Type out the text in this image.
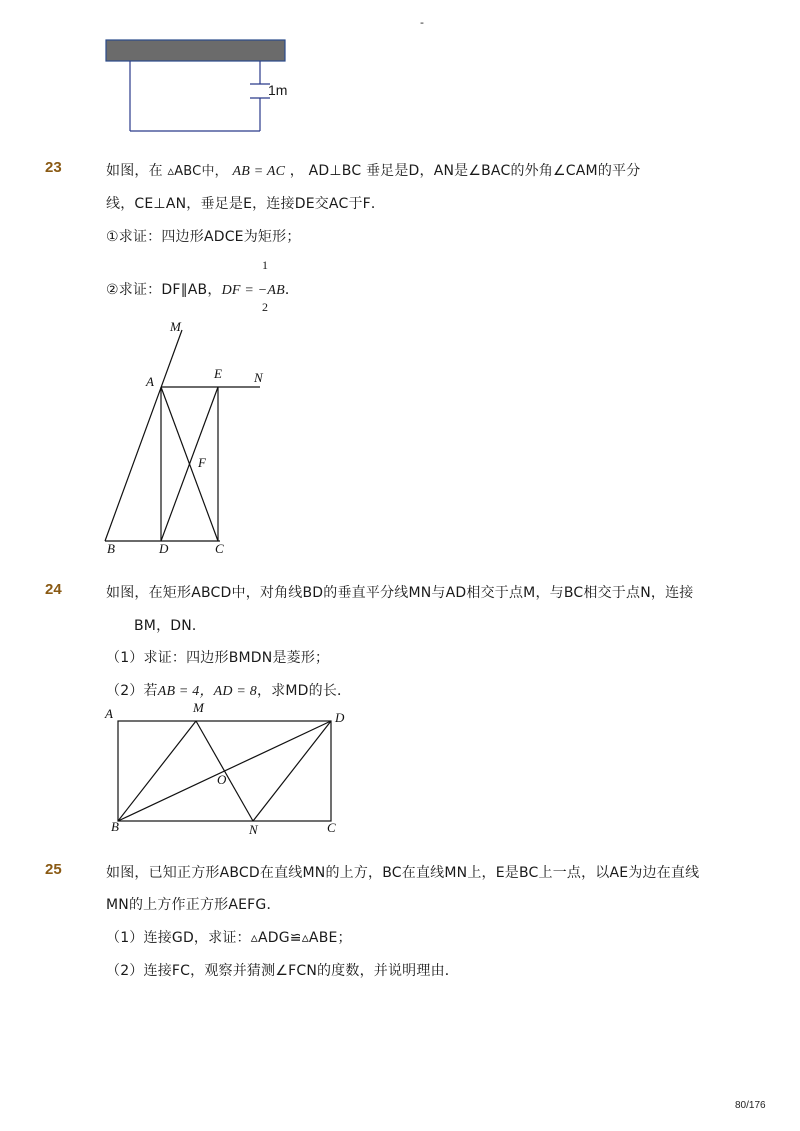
-
1m
23	如图，在 ▵ABC中， AB = AC ， AD⊥BC 垂足是D，AN是∠BAC的外角∠CAM的平分
线，CE⊥AN，垂足是E，连接DE交AC于F．
①求证：四边形ADCE为矩形；
②求证：DF∥AB，DF = −AB．
1
2
M
A
E N
F
B	D	C
24	如图，在矩形ABCD中，对角线BD的垂直平分线MN与AD相交于点M，与BC相交于点N，连接
BM，DN．
（1）求证：四边形BMDN是菱形；
（2）若AB = 4，AD = 8，求MD的长．
A	M
D
O
B	N	C
25	如图，已知正方形ABCD在直线MN的上方，BC在直线MN上，E是BC上一点，以AE为边在直线
MN的上方作正方形AEFG．
（1）连接GD，求证：▵ADG≌▵ABE；
（2）连接FC，观察并猜测∠FCN的度数，并说明理由．
80/176
